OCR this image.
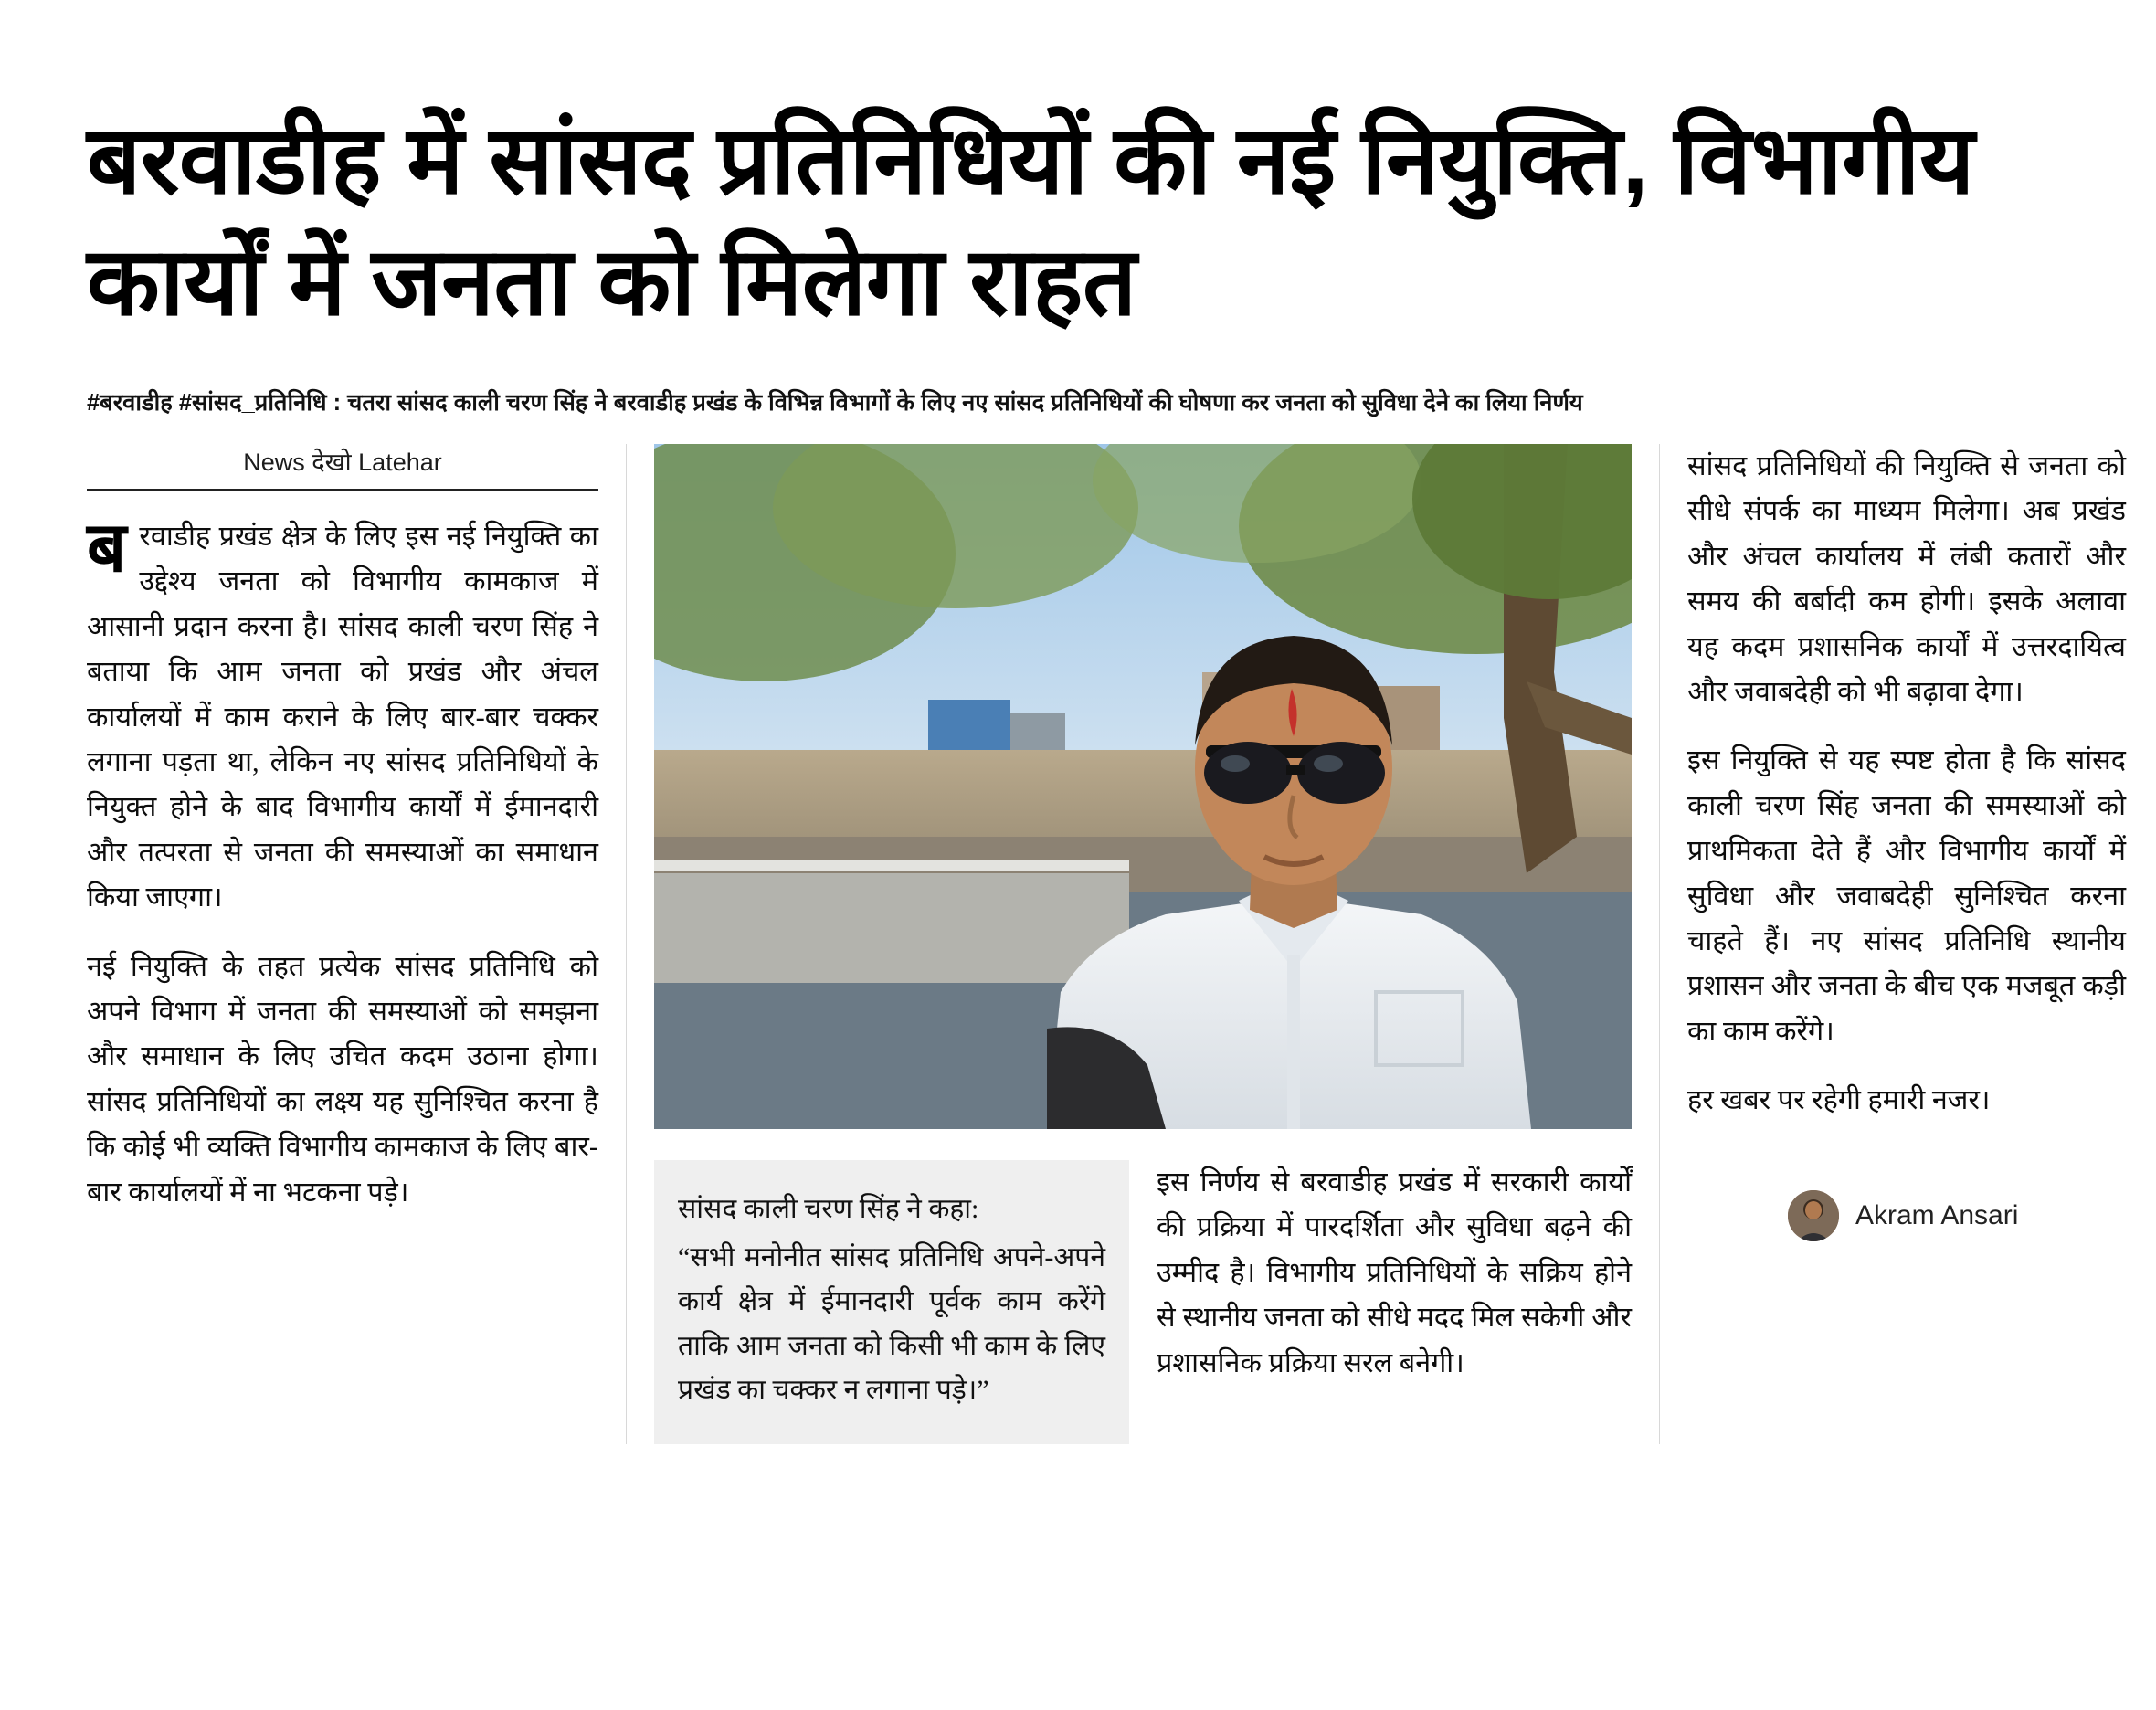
बरवाडीह में सांसद प्रतिनिधियों की नई नियुक्ति, विभागीय कार्यों में जनता को मिलेगा राहत
#बरवाडीह #सांसद_प्रतिनिधि : चतरा सांसद काली चरण सिंह ने बरवाडीह प्रखंड के विभिन्न विभागों के लिए नए सांसद प्रतिनिधियों की घोषणा कर जनता को सुविधा देने का लिया निर्णय
News देखो Latehar

बरवाडीह प्रखंड क्षेत्र के लिए इस नई नियुक्ति का उद्देश्य जनता को विभागीय कामकाज में आसानी प्रदान करना है। सांसद काली चरण सिंह ने बताया कि आम जनता को प्रखंड और अंचल कार्यालयों में काम कराने के लिए बार-बार चक्कर लगाना पड़ता था, लेकिन नए सांसद प्रतिनिधियों के नियुक्त होने के बाद विभागीय कार्यों में ईमानदारी और तत्परता से जनता की समस्याओं का समाधान किया जाएगा।

नई नियुक्ति के तहत प्रत्येक सांसद प्रतिनिधि को अपने विभाग में जनता की समस्याओं को समझना और समाधान के लिए उचित कदम उठाना होगा। सांसद प्रतिनिधियों का लक्ष्य यह सुनिश्चित करना है कि कोई भी व्यक्ति विभागीय कामकाज के लिए बार-बार कार्यालयों में ना भटकना पड़े।

सांसद काली चरण सिंह ने कहा:
“सभी मनोनीत सांसद प्रतिनिधि अपने-अपने कार्य क्षेत्र में ईमानदारी पूर्वक काम करेंगे ताकि आम जनता को किसी भी काम के लिए प्रखंड का चक्कर न लगाना पड़े।”

इस निर्णय से बरवाडीह प्रखंड में सरकारी कार्यों की प्रक्रिया में पारदर्शिता और सुविधा बढ़ने की उम्मीद है। विभागीय प्रतिनिधियों के सक्रिय होने से स्थानीय जनता को सीधे मदद मिल सकेगी और प्रशासनिक प्रक्रिया सरल बनेगी।

सांसद प्रतिनिधियों की नियुक्ति से जनता को सीधे संपर्क का माध्यम मिलेगा। अब प्रखंड और अंचल कार्यालय में लंबी कतारों और समय की बर्बादी कम होगी। इसके अलावा यह कदम प्रशासनिक कार्यों में उत्तरदायित्व और जवाबदेही को भी बढ़ावा देगा।

इस नियुक्ति से यह स्पष्ट होता है कि सांसद काली चरण सिंह जनता की समस्याओं को प्राथमिकता देते हैं और विभागीय कार्यों में सुविधा और जवाबदेही सुनिश्चित करना चाहते हैं। नए सांसद प्रतिनिधि स्थानीय प्रशासन और जनता के बीच एक मजबूत कड़ी का काम करेंगे।

हर खबर पर रहेगी हमारी नजर।
Akram Ansari
